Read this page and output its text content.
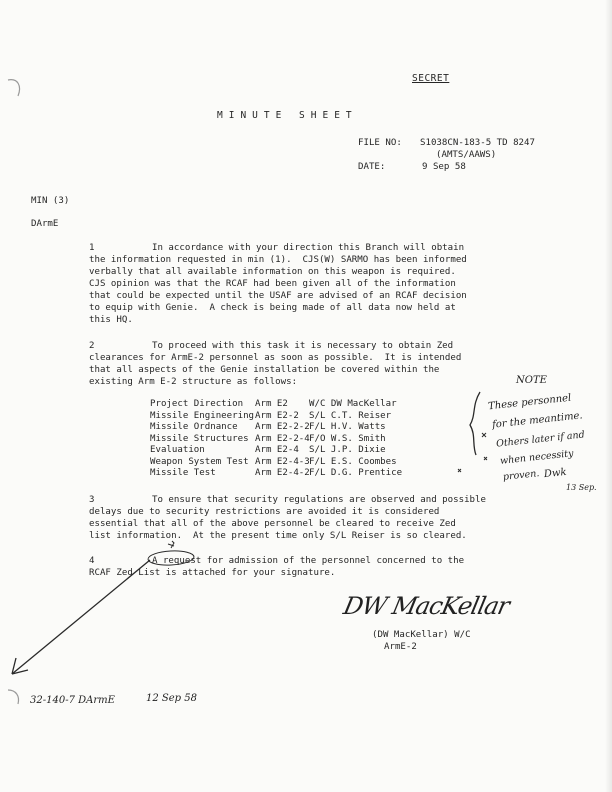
SECRET
MINUTE SHEET
FILE NO: S1038CN-183-5 TD 8247
(AMTS/AAWS)
DATE:	9 Sep 58
MIN (3)
DArmE
1	In accordance with your direction this Branch will obtain
the information requested in min (1).  CJS(W) SARMO has been informed
verbally that all available information on this weapon is required.
CJS opinion was that the RCAF had been given all of the information
that could be expected until the USAF are advised of an RCAF decision
to equip with Genie.  A check is being made of all data now held at
this HQ.
2	To proceed with this task it is necessary to obtain Zed
clearances for ArmE-2 personnel as soon as possible.  It is intended
that all aspects of the Genie installation be covered within the
existing Arm E-2 structure as follows:
Project Direction Arm E2 W/C DW MacKellar
Missile Engineering Arm E2-2 S/L C.T. Reiser
Missile Ordnance Arm E2-2-2 F/L H.V. Watts
Missile Structures Arm E2-2-4 F/O W.S. Smith
Evaluation	Arm E2-4 S/L J.P. Dixie
Weapon System Test Arm E2-4-3 F/L E.S. Coombes
Missile Test	Arm E2-4-2 F/L D.G. Prentice
3	To ensure that security regulations are observed and possible
delays due to security restrictions are avoided it is considered
essential that all of the above personnel be cleared to receive Zed
list information.  At the present time only S/L Reiser is so cleared.
4	A request for admission of the personnel concerned to the
RCAF Zed List is attached for your signature.
DW MacKellar
(DW MacKellar) W/C
ArmE-2
NOTE
These personnel
for the meantime.
Others later if and
when necessity
proven. Dwk
13 Sep.
32-140-7 DArmE	12 Sep 58
